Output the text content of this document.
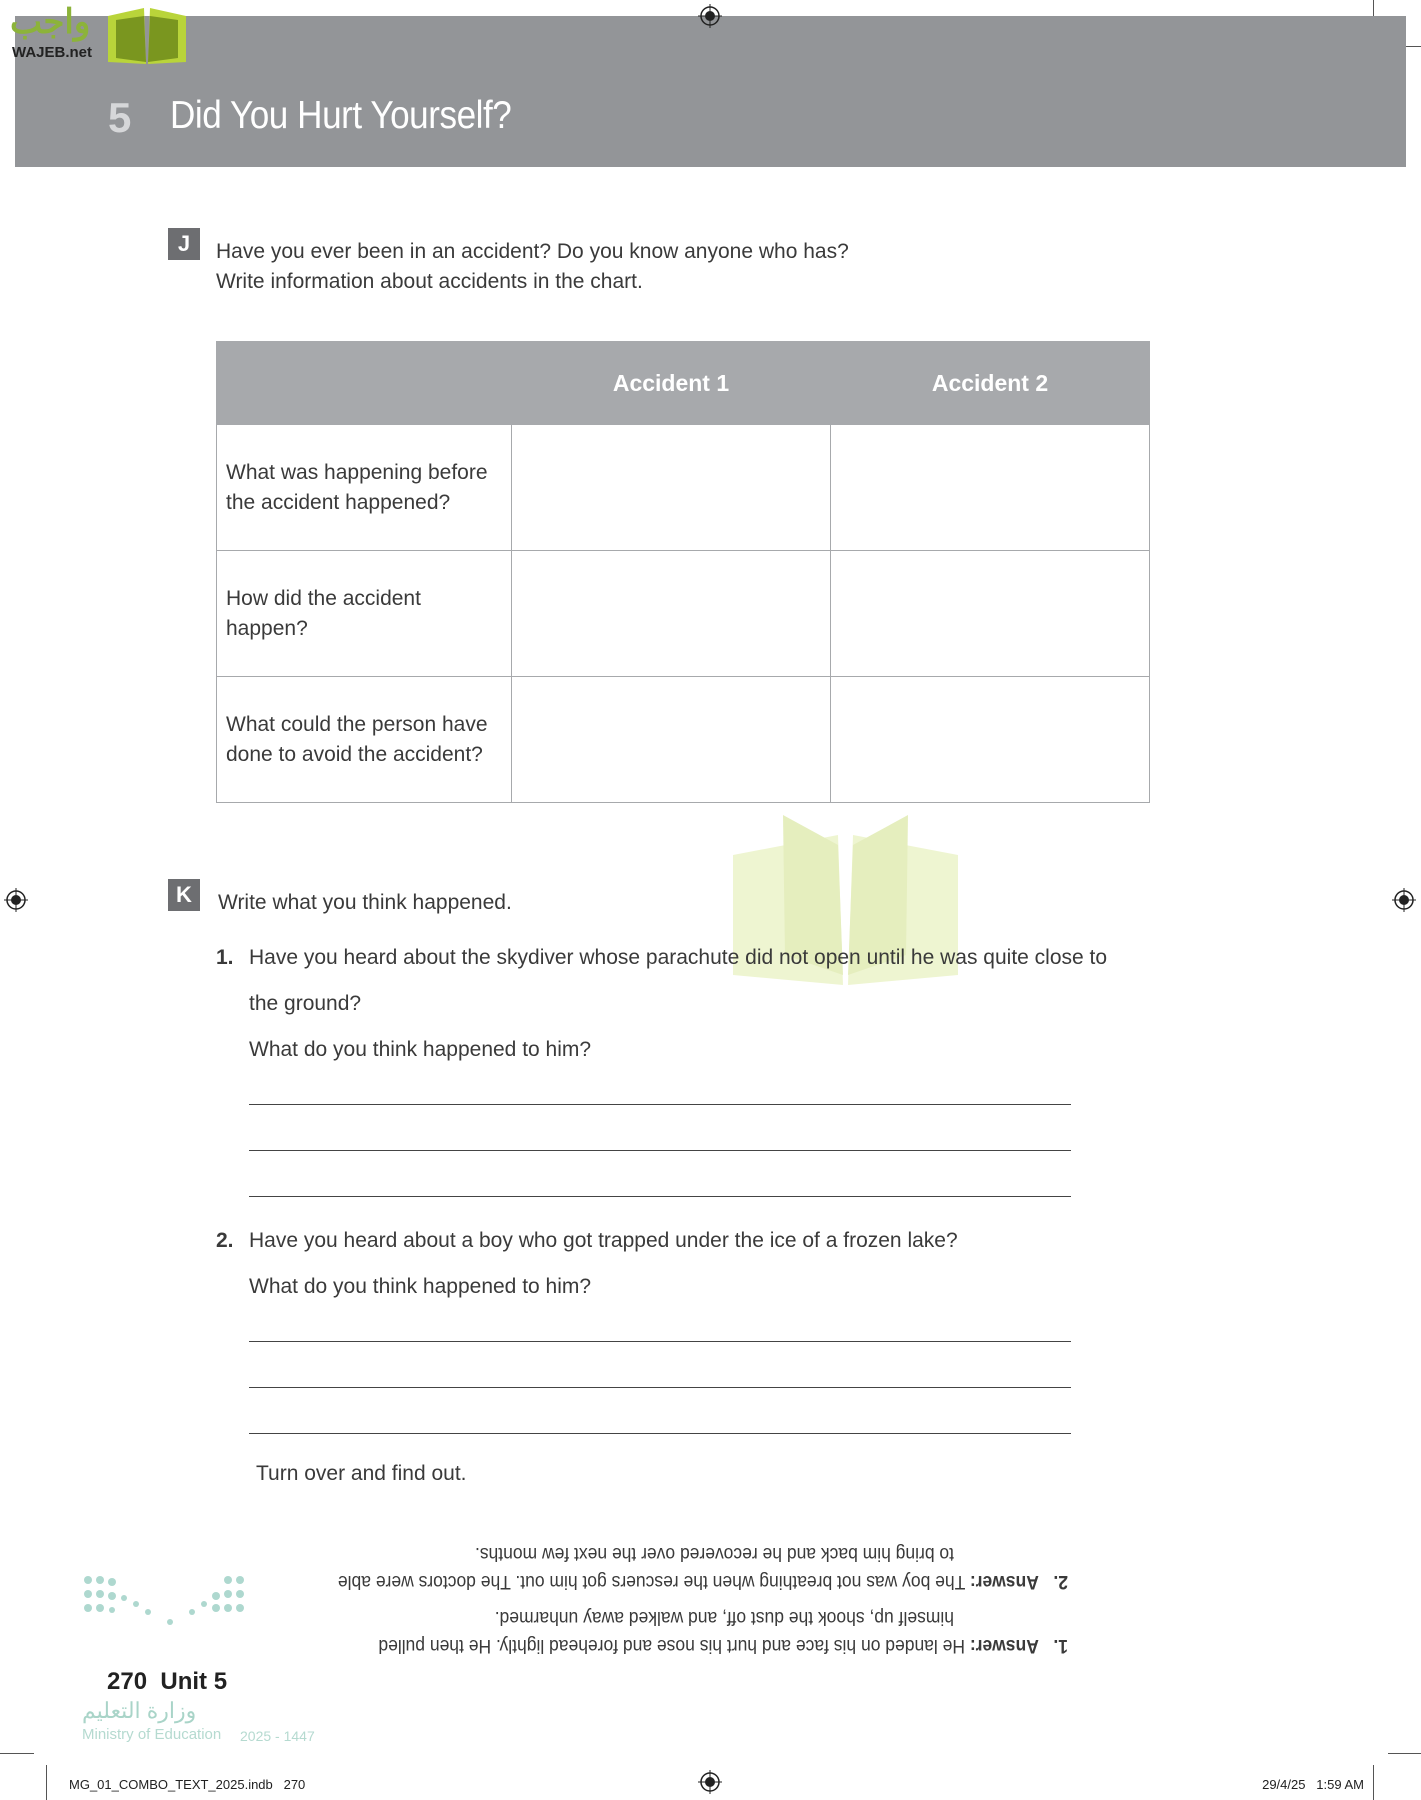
5 Did You Hurt Yourself?
واجب
WAJEB.net
J	Have you ever been in an accident? Do you know anyone who has?
Write information about accidents in the chart.
	Accident 1	Accident 2
What was happening before the accident happened?		
How did the accident happen?		
What could the person have done to avoid the accident?		
K	Write what you think happened.
1. Have you heard about the skydiver whose parachute did not open until he was quite close to
the ground?
What do you think happened to him?
2. Have you heard about a boy who got trapped under the ice of a frozen lake?
What do you think happened to him?
Turn over and find out.
1.   Answer: He landed on his face and hurt his nose and forehead lightly. He then pulled
himself up, shook the dust off, and walked away unharmed.
2.   Answer: The boy was not breathing when the rescuers got him out. The doctors were able
to bring him back and he recovered over the next few months.
270 Unit 5
وزارة التعليم
Ministry of Education 2025 - 1447
MG_01_COMBO_TEXT_2025.indb   270	29/4/25   1:59 AM
